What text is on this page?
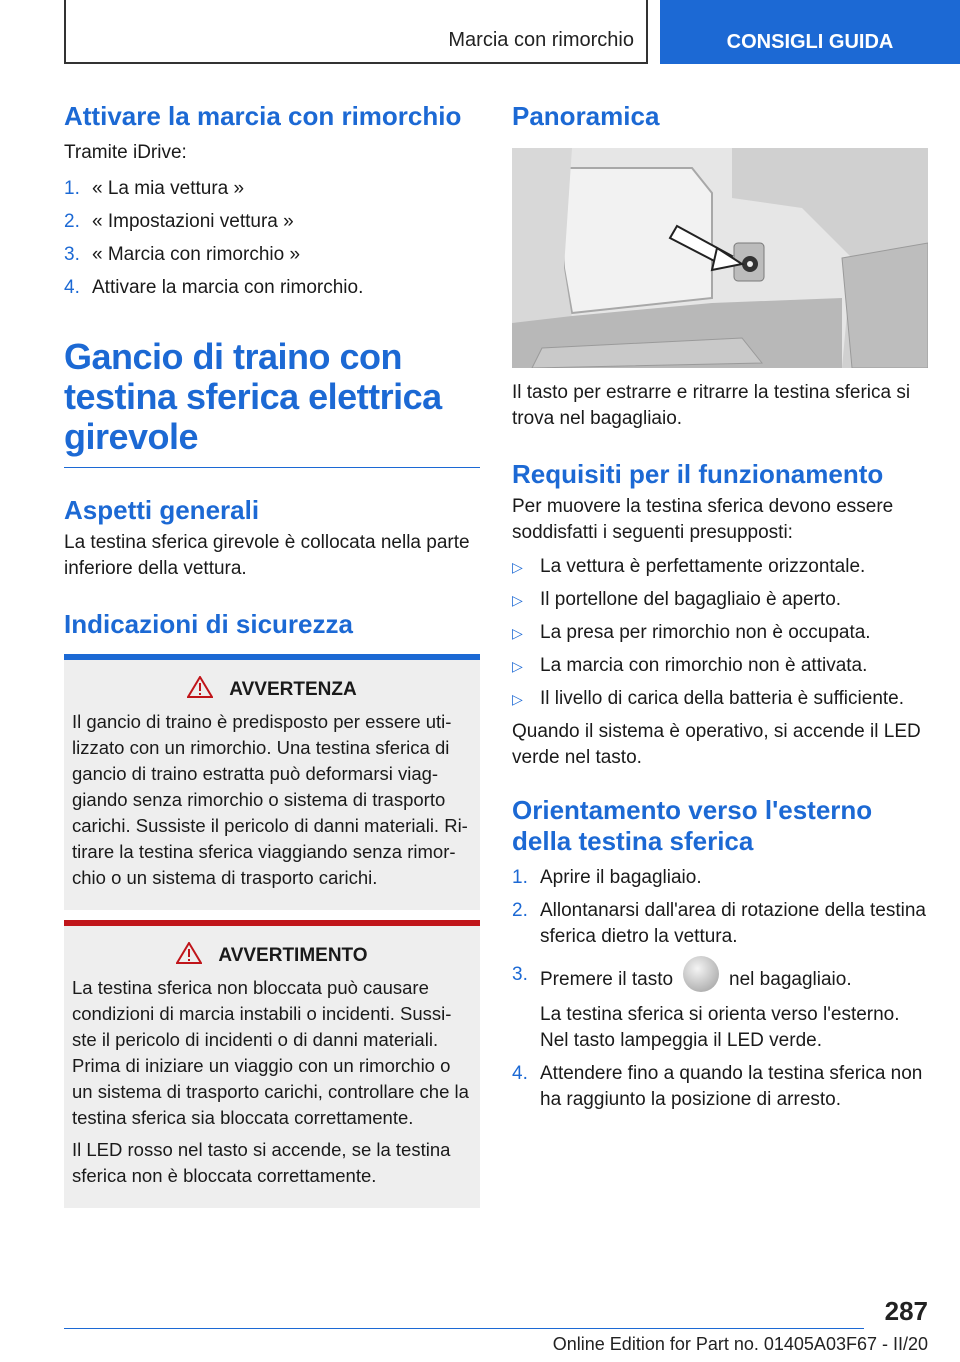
Marcia con rimorchio	CONSIGLI GUIDA
Attivare la marcia con rimorchio

Tramite iDrive:

1. « La mia vettura »
2. « Impostazioni vettura »
3. « Marcia con rimorchio »
4. Attivare la marcia con rimorchio.
Gancio di traino con testina sferica elettrica girevole
Aspetti generali

La testina sferica girevole è collocata nella parte inferiore della vettura.

Indicazioni di sicurezza
AVVERTENZA

Il gancio di traino è predisposto per essere uti-lizzato con un rimorchio. Una testina sferica di gancio di traino estratta può deformarsi viag-giando senza rimorchio o sistema di trasporto carichi. Sussiste il pericolo di danni materiali. Ri-tirare la testina sferica viaggiando senza rimor-chio o un sistema di trasporto carichi.

AVVERTIMENTO

La testina sferica non bloccata può causare condizioni di marcia instabili o incidenti. Sussi-ste il pericolo di incidenti o di danni materiali. Prima di iniziare un viaggio con un rimorchio o un sistema di trasporto carichi, controllare che la testina sferica sia bloccata correttamente.

Il LED rosso nel tasto si accende, se la testina sferica non è bloccata correttamente.

Panoramica

Il tasto per estrarre e ritrarre la testina sferica si trova nel bagagliaio.

Requisiti per il funzionamento

Per muovere la testina sferica devono essere soddisfatti i seguenti presupposti:

▷ La vettura è perfettamente orizzontale.
▷ Il portellone del bagagliaio è aperto.
▷ La presa per rimorchio non è occupata.
▷ La marcia con rimorchio non è attivata.
▷ Il livello di carica della batteria è sufficiente.

Quando il sistema è operativo, si accende il LED verde nel tasto.

Orientamento verso l'esterno della testina sferica
1. Aprire il bagagliaio.
2. Allontanarsi dall'area di rotazione della testina sferica dietro la vettura.
3. Premere il tasto	nel bagagliaio.
La testina sferica si orienta verso l'esterno. Nel tasto lampeggia il LED verde.
4. Attendere fino a quando la testina sferica non ha raggiunto la posizione di arresto.
287
Online Edition for Part no. 01405A03F67 - II/20
